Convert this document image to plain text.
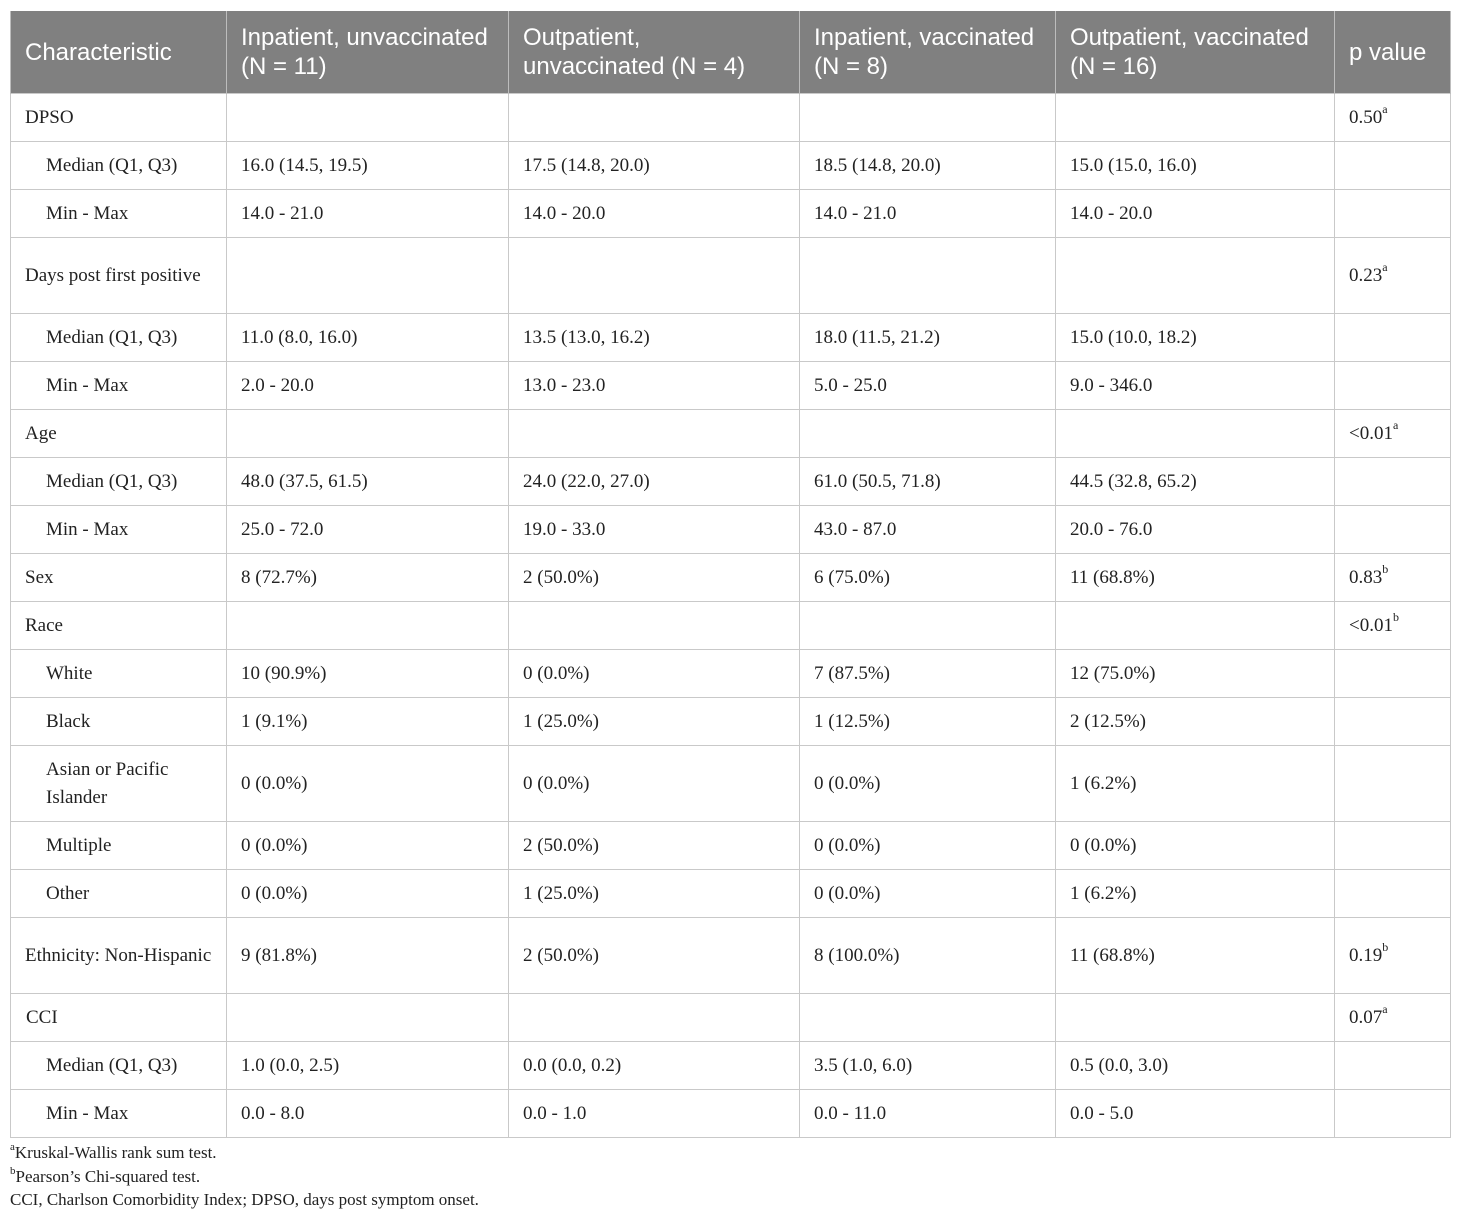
Characteristic	Inpatient, unvaccinated (N = 11)	Outpatient, unvaccinated (N = 4)	Inpatient, vaccinated (N = 8)	Outpatient, vaccinated (N = 16)	p value
DPSO					0.50$^a$
Median (Q1, Q3)	16.0 (14.5, 19.5)	17.5 (14.8, 20.0)	18.5 (14.8, 20.0)	15.0 (15.0, 16.0)	
Min - Max	14.0 - 21.0	14.0 - 20.0	14.0 - 21.0	14.0 - 20.0	
Days post first positive					0.23$^a$
Median (Q1, Q3)	11.0 (8.0, 16.0)	13.5 (13.0, 16.2)	18.0 (11.5, 21.2)	15.0 (10.0, 18.2)	
Min - Max	2.0 - 20.0	13.0 - 23.0	5.0 - 25.0	9.0 - 346.0	
Age					<0.01$^a$
Median (Q1, Q3)	48.0 (37.5, 61.5)	24.0 (22.0, 27.0)	61.0 (50.5, 71.8)	44.5 (32.8, 65.2)	
Min - Max	25.0 - 72.0	19.0 - 33.0	43.0 - 87.0	20.0 - 76.0	
Sex	8 (72.7%)	2 (50.0%)	6 (75.0%)	11 (68.8%)	0.83$^b$
Race					<0.01$^b$
White	10 (90.9%)	0 (0.0%)	7 (87.5%)	12 (75.0%)	
Black	1 (9.1%)	1 (25.0%)	1 (12.5%)	2 (12.5%)	
Asian or Pacific Islander	0 (0.0%)	0 (0.0%)	0 (0.0%)	1 (6.2%)	
Multiple	0 (0.0%)	2 (50.0%)	0 (0.0%)	0 (0.0%)	
Other	0 (0.0%)	1 (25.0%)	0 (0.0%)	1 (6.2%)	
Ethnicity: Non-Hispanic	9 (81.8%)	2 (50.0%)	8 (100.0%)	11 (68.8%)	0.19$^b$
CCI					0.07$^a$
Median (Q1, Q3)	1.0 (0.0, 2.5)	0.0 (0.0, 0.2)	3.5 (1.0, 6.0)	0.5 (0.0, 3.0)	
Min - Max	0.0 - 8.0	0.0 - 1.0	0.0 - 11.0	0.0 - 5.0	
$^a$Kruskal-Wallis rank sum test.
$^b$Pearson’s Chi-squared test.
CCI, Charlson Comorbidity Index; DPSO, days post symptom onset.
